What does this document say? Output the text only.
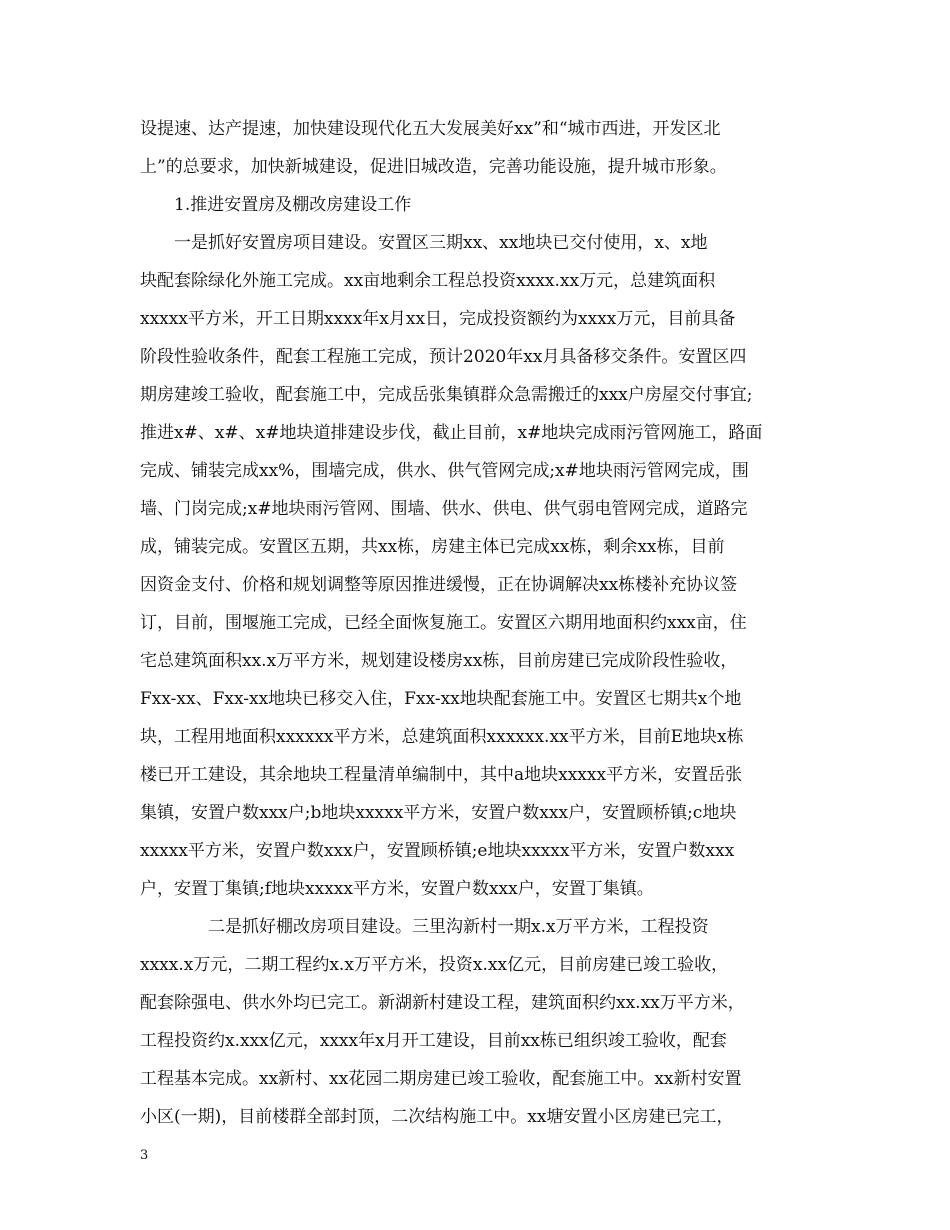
设提速、达产提速，加快建设现代化五大发展美好xx”和“城市西进，开发区北
上”的总要求，加快新城建设，促进旧城改造，完善功能设施，提升城市形象。
　　1.推进安置房及棚改房建设工作
　　一是抓好安置房项目建设。安置区三期xx、xx地块已交付使用，x、x地
块配套除绿化外施工完成。xx亩地剩余工程总投资xxxx.xx万元，总建筑面积
xxxxx平方米，开工日期xxxx年x月xx日，完成投资额约为xxxx万元，目前具备
阶段性验收条件，配套工程施工完成，预计2020年xx月具备移交条件。安置区四
期房建竣工验收，配套施工中，完成岳张集镇群众急需搬迁的xxx户房屋交付事宜;
推进x#、x#、x#地块道排建设步伐，截止目前，x#地块完成雨污管网施工，路面
完成、铺装完成xx%，围墙完成，供水、供气管网完成;x#地块雨污管网完成，围
墙、门岗完成;x#地块雨污管网、围墙、供水、供电、供气弱电管网完成，道路完
成，铺装完成。安置区五期，共xx栋，房建主体已完成xx栋，剩余xx栋，目前
因资金支付、价格和规划调整等原因推进缓慢，正在协调解决xx栋楼补充协议签
订，目前，围堰施工完成，已经全面恢复施工。安置区六期用地面积约xxx亩，住
宅总建筑面积xx.x万平方米，规划建设楼房xx栋，目前房建已完成阶段性验收，
Fxx-xx、Fxx-xx地块已移交入住，Fxx-xx地块配套施工中。安置区七期共x个地
块，工程用地面积xxxxxx平方米，总建筑面积xxxxxx.xx平方米，目前E地块x栋
楼已开工建设，其余地块工程量清单编制中，其中a地块xxxxx平方米，安置岳张
集镇，安置户数xxx户;b地块xxxxx平方米，安置户数xxx户，安置顾桥镇;c地块
xxxxx平方米，安置户数xxx户，安置顾桥镇;e地块xxxxx平方米，安置户数xxx
户，安置丁集镇;f地块xxxxx平方米，安置户数xxx户，安置丁集镇。
　　　　二是抓好棚改房项目建设。三里沟新村一期x.x万平方米，工程投资
xxxx.x万元，二期工程约x.x万平方米，投资x.xx亿元，目前房建已竣工验收，
配套除强电、供水外均已完工。新湖新村建设工程，建筑面积约xx.xx万平方米，
工程投资约x.xxx亿元，xxxx年x月开工建设，目前xx栋已组织竣工验收，配套
工程基本完成。xx新村、xx花园二期房建已竣工验收，配套施工中。xx新村安置
小区(一期)，目前楼群全部封顶，二次结构施工中。xx塘安置小区房建已完工，
3
